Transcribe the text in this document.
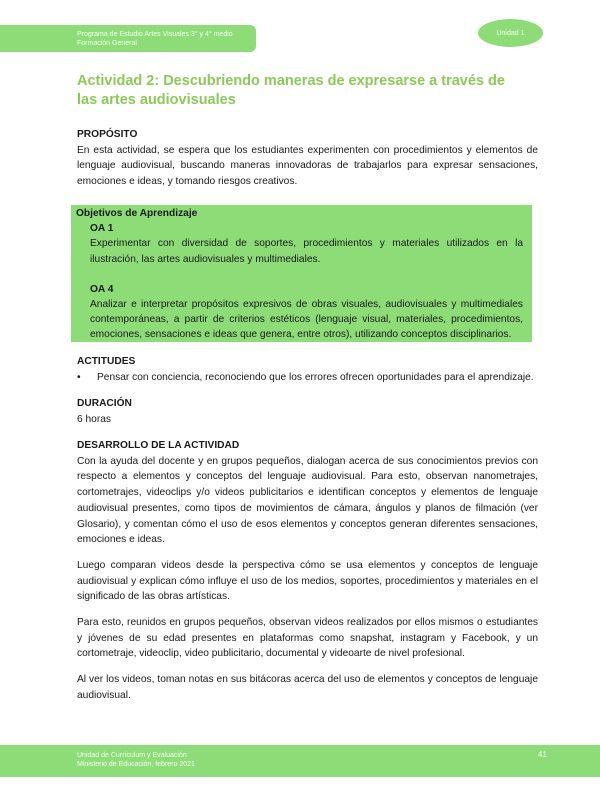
Programa de Estudio Artes Visuales 3° y 4° medio
Formación General
Unidad 1
Actividad 2: Descubriendo maneras de expresarse a través de las artes audiovisuales
PROPÓSITO

En esta actividad, se espera que los estudiantes experimenten con procedimientos y elementos de lenguaje audiovisual, buscando maneras innovadoras de trabajarlos para expresar sensaciones, emociones e ideas, y tomando riesgos creativos.

Objetivos de Aprendizaje
OA 1

Experimentar con diversidad de soportes, procedimientos y materiales utilizados en la ilustración, las artes audiovisuales y multimediales.

OA 4

Analizar e interpretar propósitos expresivos de obras visuales, audiovisuales y multimediales contemporáneas, a partir de criterios estéticos (lenguaje visual, materiales, procedimientos, emociones, sensaciones e ideas que genera, entre otros), utilizando conceptos disciplinarios.

ACTITUDES
•	Pensar con conciencia, reconociendo que los errores ofrecen oportunidades para el aprendizaje.
DURACIÓN
6 horas
DESARROLLO DE LA ACTIVIDAD

Con la ayuda del docente y en grupos pequeños, dialogan acerca de sus conocimientos previos con respecto a elementos y conceptos del lenguaje audiovisual. Para esto, observan nanometrajes, cortometrajes, videoclips y/o videos publicitarios e identifican conceptos y elementos de lenguaje audiovisual presentes, como tipos de movimientos de cámara, ángulos y planos de filmación (ver Glosario), y comentan cómo el uso de esos elementos y conceptos generan diferentes sensaciones, emociones e ideas.

Luego comparan videos desde la perspectiva cómo se usa elementos y conceptos de lenguaje audiovisual y explican cómo influye el uso de los medios, soportes, procedimientos y materiales en el significado de las obras artísticas.

Para esto, reunidos en grupos pequeños, observan videos realizados por ellos mismos o estudiantes y jóvenes de su edad presentes en plataformas como snapshat, instagram y Facebook, y un cortometraje, videoclip, video publicitario, documental y videoarte de nivel profesional.

Al ver los videos, toman notas en sus bitácoras acerca del uso de elementos y conceptos de lenguaje audiovisual.

Unidad de Currículum y Evaluación
Ministerio de Educación, febrero 2021
41
